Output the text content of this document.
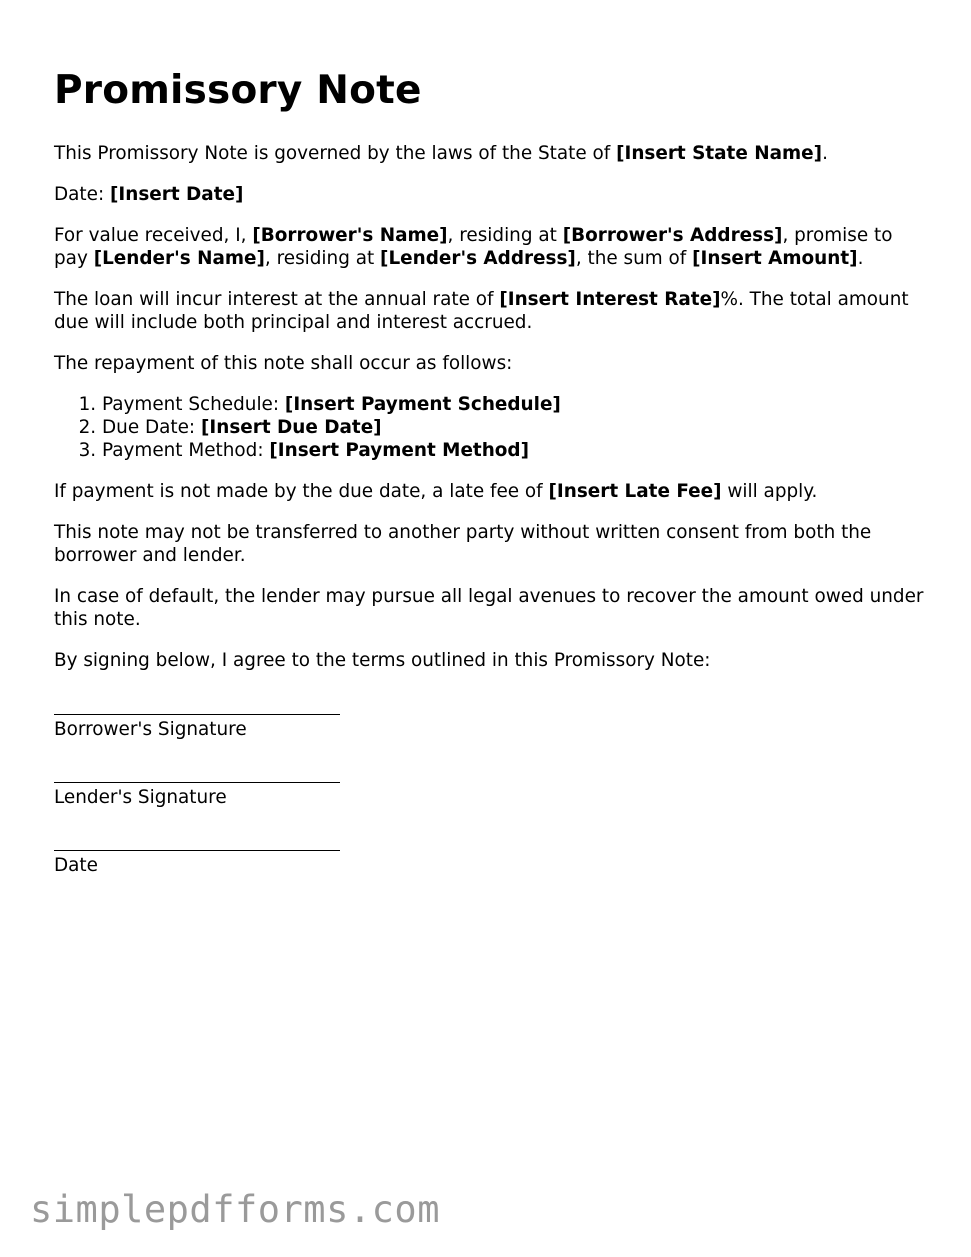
Promissory Note

This Promissory Note is governed by the laws of the State of [Insert State Name].

Date: [Insert Date]

For value received, I, [Borrower's Name], residing at [Borrower's Address], promise to pay [Lender's Name], residing at [Lender's Address], the sum of [Insert Amount].

The loan will incur interest at the annual rate of [Insert Interest Rate]%. The total amount due will include both principal and interest accrued.

The repayment of this note shall occur as follows:

1. Payment Schedule: [Insert Payment Schedule]
2. Due Date: [Insert Due Date]
3. Payment Method: [Insert Payment Method]

If payment is not made by the due date, a late fee of [Insert Late Fee] will apply.

This note may not be transferred to another party without written consent from both the borrower and lender.

In case of default, the lender may pursue all legal avenues to recover the amount owed under this note.

By signing below, I agree to the terms outlined in this Promissory Note:

Borrower's Signature
Lender's Signature
Date
simplepdfforms.com
